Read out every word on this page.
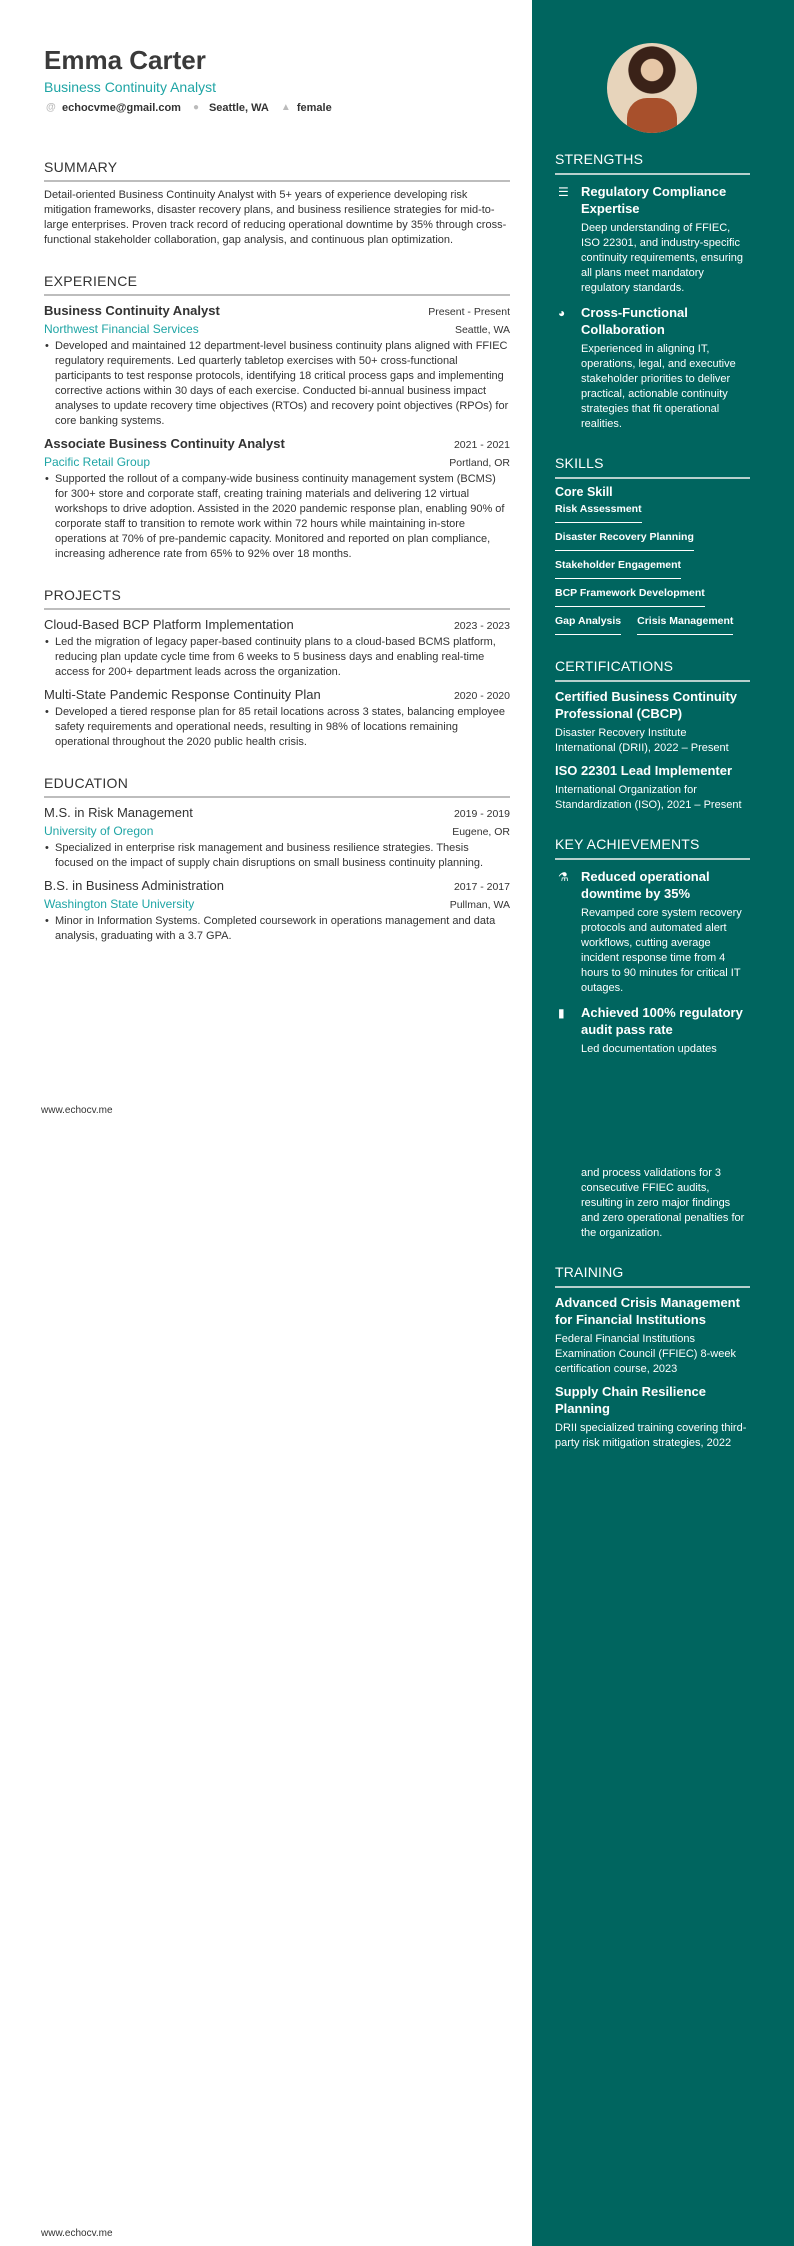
Emma Carter
Business Continuity Analyst
@ echocvme@gmail.com ● Seattle, WA ▲ female
SUMMARY
Detail-oriented Business Continuity Analyst with 5+ years of experience developing risk mitigation frameworks, disaster recovery plans, and business resilience strategies for mid-to-large enterprises. Proven track record of reducing operational downtime by 35% through cross-functional stakeholder collaboration, gap analysis, and continuous plan optimization.
EXPERIENCE
Business Continuity Analyst	Present - Present
Northwest Financial Services	Seattle, WA
• Developed and maintained 12 department-level business continuity plans aligned with FFIEC regulatory requirements. Led quarterly tabletop exercises with 50+ cross-functional participants to test response protocols, identifying 18 critical process gaps and implementing corrective actions within 30 days of each exercise. Conducted bi-annual business impact analyses to update recovery time objectives (RTOs) and recovery point objectives (RPOs) for core banking systems.
Associate Business Continuity Analyst	2021 - 2021
Pacific Retail Group	Portland, OR
• Supported the rollout of a company-wide business continuity management system (BCMS) for 300+ store and corporate staff, creating training materials and delivering 12 virtual workshops to drive adoption. Assisted in the 2020 pandemic response plan, enabling 90% of corporate staff to transition to remote work within 72 hours while maintaining in-store operations at 70% of pre-pandemic capacity. Monitored and reported on plan compliance, increasing adherence rate from 65% to 92% over 18 months.
PROJECTS
Cloud-Based BCP Platform Implementation	2023 - 2023
• Led the migration of legacy paper-based continuity plans to a cloud-based BCMS platform, reducing plan update cycle time from 6 weeks to 5 business days and enabling real-time access for 200+ department leads across the organization.
Multi-State Pandemic Response Continuity Plan	2020 - 2020
• Developed a tiered response plan for 85 retail locations across 3 states, balancing employee safety requirements and operational needs, resulting in 98% of locations remaining operational throughout the 2020 public health crisis.
EDUCATION
M.S. in Risk Management	2019 - 2019
University of Oregon	Eugene, OR
• Specialized in enterprise risk management and business resilience strategies. Thesis focused on the impact of supply chain disruptions on small business continuity planning.
B.S. in Business Administration	2017 - 2017
Washington State University	Pullman, WA
• Minor in Information Systems. Completed coursework in operations management and data analysis, graduating with a 3.7 GPA.
www.echocv.me
www.echocv.me
STRENGTHS
☰ Regulatory Compliance Expertise
Deep understanding of FFIEC, ISO 22301, and industry-specific continuity requirements, ensuring all plans meet mandatory regulatory standards.
◕	Cross-Functional Collaboration
Experienced in aligning IT, operations, legal, and executive stakeholder priorities to deliver practical, actionable continuity strategies that fit operational realities.
SKILLS
Core Skill
Risk Assessment
Disaster Recovery Planning
Stakeholder Engagement
BCP Framework Development
Gap Analysis Crisis Management
CERTIFICATIONS
Certified Business Continuity Professional (CBCP)
Disaster Recovery Institute International (DRII), 2022 – Present
ISO 22301 Lead Implementer
International Organization for Standardization (ISO), 2021 – Present
KEY ACHIEVEMENTS
⚗ Reduced operational downtime by 35%
Revamped core system recovery protocols and automated alert workflows, cutting average incident response time from 4 hours to 90 minutes for critical IT outages.
▮	Achieved 100% regulatory audit pass rate
Led documentation updates
and process validations for 3 consecutive FFIEC audits, resulting in zero major findings and zero operational penalties for the organization.
TRAINING
Advanced Crisis Management for Financial Institutions
Federal Financial Institutions Examination Council (FFIEC) 8-week certification course, 2023
Supply Chain Resilience Planning
DRII specialized training covering third-party risk mitigation strategies, 2022
